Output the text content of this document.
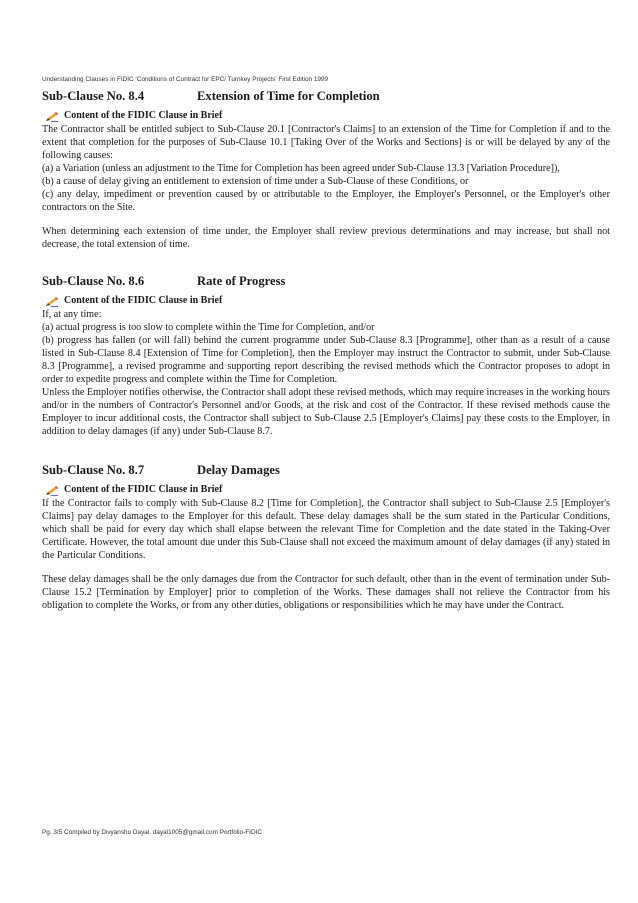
Understanding Clauses in FIDIC ‘Conditions of Contract for EPC/ Turnkey Projects’ First Edition 1999
Sub-Clause No. 8.4	Extension of Time for Completion
Content of the FIDIC Clause in Brief

The Contractor shall be entitled subject to Sub-Clause 20.1 [Contractor's Claims] to an extension of the Time for Completion if and to the extent that completion for the purposes of Sub-Clause 10.1 [Taking Over of the Works and Sections] is or will be delayed by any of the following causes:

(a) a Variation (unless an adjustment to the Time for Completion has been agreed under Sub-Clause 13.3 [Variation Procedure]),

(b) a cause of delay giving an entitlement to extension of time under a Sub-Clause of these Conditions, or

(c) any delay, impediment or prevention caused by or attributable to the Employer, the Employer's Personnel, or the Employer's other contractors on the Site.

When determining each extension of time under, the Employer shall review previous determinations and may increase, but shall not decrease, the total extension of time.

Sub-Clause No. 8.6	Rate of Progress
Content of the FIDIC Clause in Brief

If, at any time:

(a) actual progress is too slow to complete within the Time for Completion, and/or

(b) progress has fallen (or will fall) behind the current programme under Sub-Clause 8.3 [Programme], other than as a result of a cause listed in Sub-Clause 8.4 [Extension of Time for Completion], then the Employer may instruct the Contractor to submit, under Sub-Clause 8.3 [Programme], a revised programme and supporting report describing the revised methods which the Contractor proposes to adopt in order to expedite progress and complete within the Time for Completion.

Unless the Employer notifies otherwise, the Contractor shall adopt these revised methods, which may require increases in the working hours and/or in the numbers of Contractor's Personnel and/or Goods, at the risk and cost of the Contractor. If these revised methods cause the Employer to incur additional costs, the Contractor shall subject to Sub-Clause 2.5 [Employer's Claims] pay these costs to the Employer, in addition to delay damages (if any) under Sub-Clause 8.7.

Sub-Clause No. 8.7	Delay Damages
Content of the FIDIC Clause in Brief

If the Contractor fails to comply with Sub-Clause 8.2 [Time for Completion], the Contractor shall subject to Sub-Clause 2.5 [Employer's Claims] pay delay damages to the Employer for this default. These delay damages shall be the sum stated in the Particular Conditions, which shall be paid for every day which shall elapse between the relevant Time for Completion and the date stated in the Taking-Over Certificate. However, the total amount due under this Sub-Clause shall not exceed the maximum amount of delay damages (if any) stated in the Particular Conditions.

These delay damages shall be the only damages due from the Contractor for such default, other than in the event of termination under Sub-Clause 15.2 [Termination by Employer] prior to completion of the Works. These damages shall not relieve the Contractor from his obligation to complete the Works, or from any other duties, obligations or responsibilities which he may have under the Contract.

Pg. 3/5 Compiled by Divyanshu Dayal. dayal1005@gmail.com Portfolio-FIDIC
